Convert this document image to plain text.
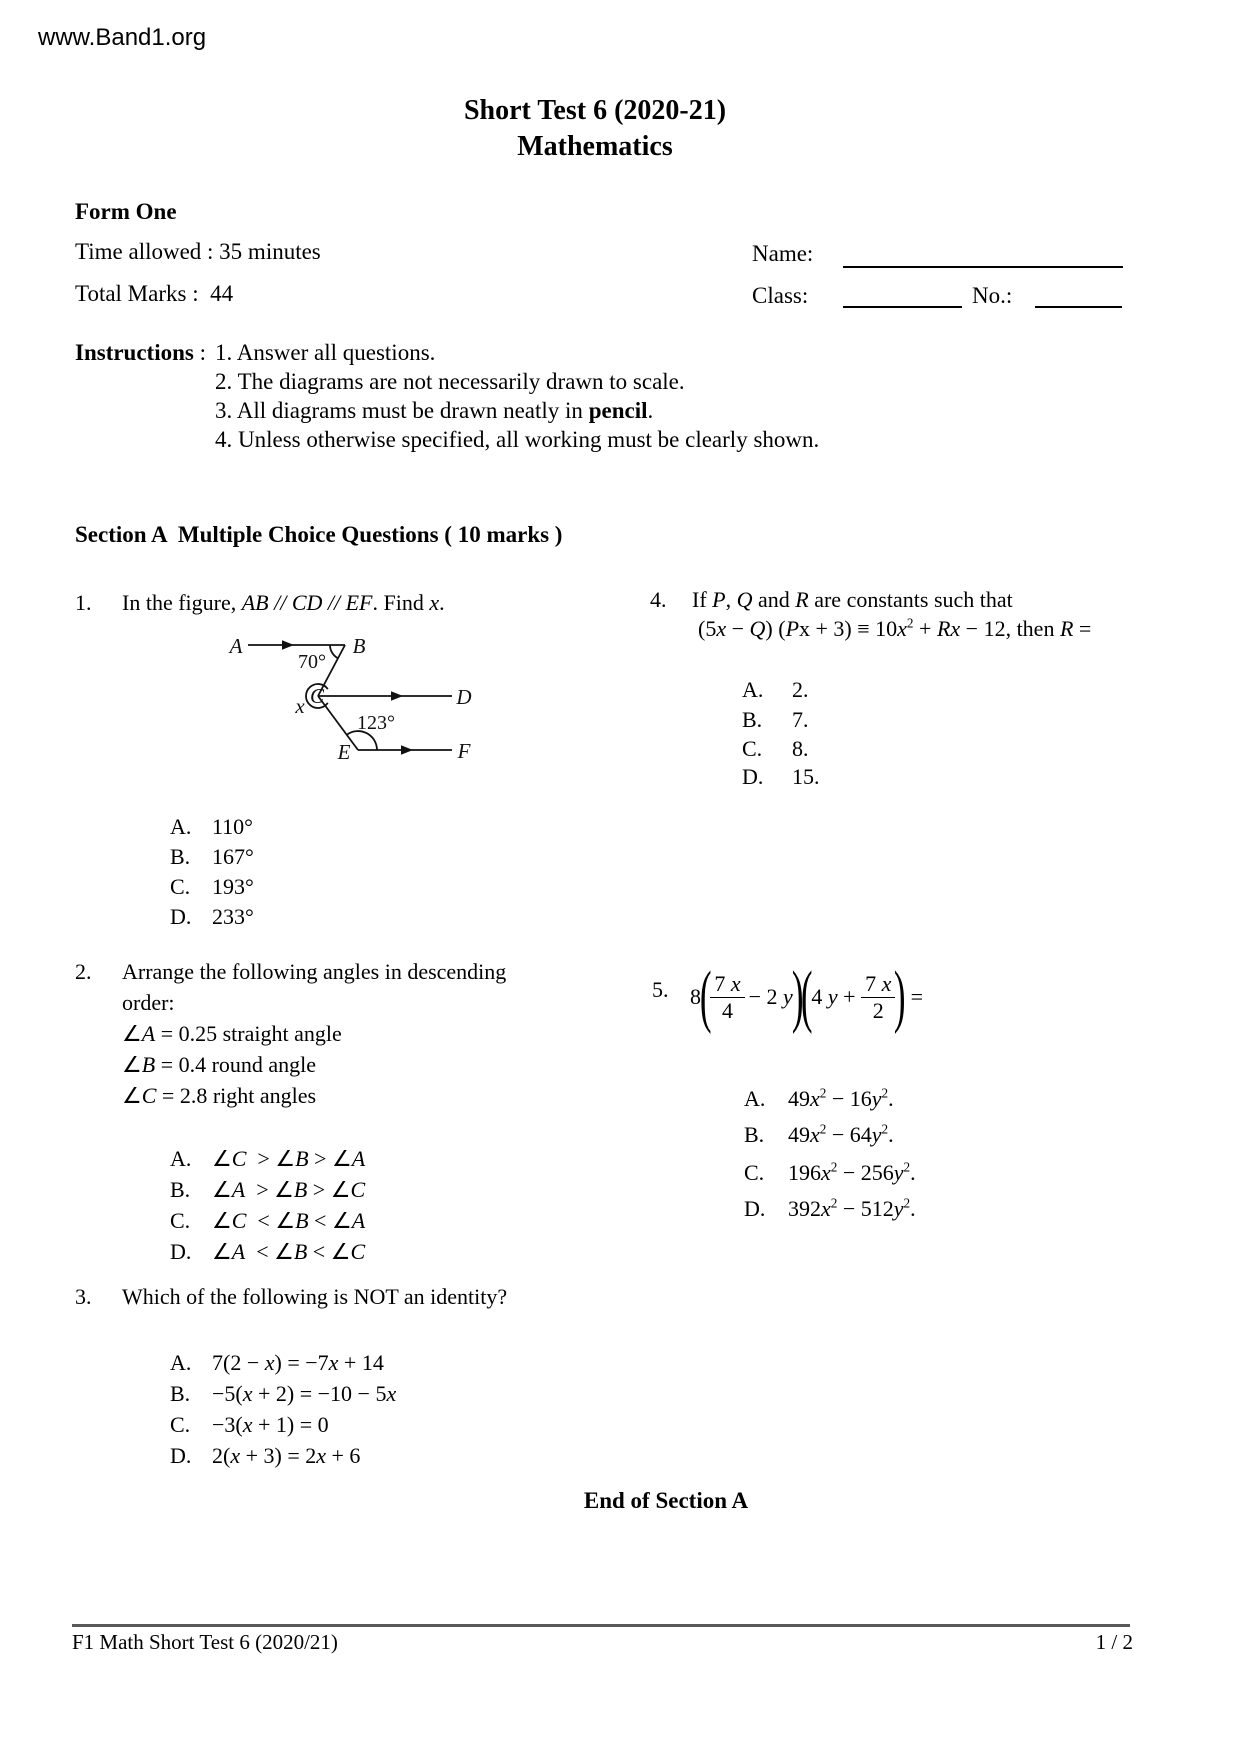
www.Band1.org
Short Test 6 (2020-21)
Mathematics
Form One
Time allowed : 35 minutes
Total Marks :  44
Name:
Class:	No.:
Instructions : 1. Answer all questions.
2. The diagrams are not necessarily drawn to scale.
3. All diagrams must be drawn neatly in pencil.
4. Unless otherwise specified, all working must be clearly shown.
Section A  Multiple Choice Questions ( 10 marks )
1. In the figure, AB // CD // EF. Find x.
A	B
C	D
E	F
x
70°
123°
A. 110°
B. 167°
C. 193°
D. 233°
2. Arrange the following angles in descending
order:
∠A = 0.25 straight angle
∠B = 0.4 round angle
∠C = 2.8 right angles
A. ∠C  > ∠B > ∠A
B. ∠A  > ∠B > ∠C
C. ∠C  < ∠B < ∠A
D. ∠A  < ∠B < ∠C
3. Which of the following is NOT an identity?
A. 7(2 − x) = −7x + 14
B. −5(x + 2) = −10 − 5x
C. −3(x + 1) = 0
D. 2(x + 3) = 2x + 6
4. If P, Q and R are constants such that
(5x − Q) $(Px + 3) \equiv 10x^2 + Rx - 12$, then R =
A. 2.
B. 7.
C. 8.
D. 15.
5. 8
(
$\frac{7 x}{4} - 2$ y
)
(
4 $y + \frac{7 x}{2}$
) =
A. $49x^2 - 16y^2$.
B. $49x^2 - 64y^2$.
C. $196x^2 - 256y^2$.
D. $392x^2 - 512y^2$.
End of Section A
F1 Math Short Test 6 (2020/21)	1 / 2
